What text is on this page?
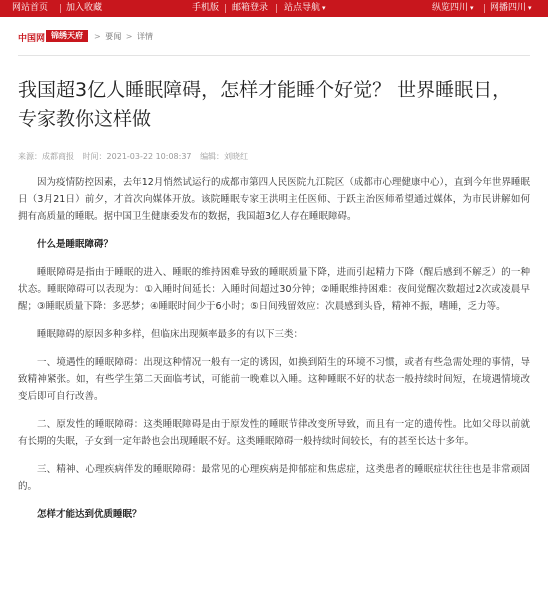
网站首页 加入收藏	手机版 邮箱登录 站点导航 ▾	纵览四川 ▾ 网播四川 ▾
中国网 锦绣天府	> 要闻 > 详情
我国超3亿人睡眠障碍，怎样才能睡个好觉？ 世界睡眠日，专家教你这样做
来源：成都商报 时间：2021-03-22 10:08:37 编辑：刘晓红

因为疫情防控因素，去年12月悄然试运行的成都市第四人民医院九江院区（成都市心理健康中心），直到今年世界睡眠日（3月21日）前夕，才首次向媒体开放。该院睡眠专家王洪明主任医师、于跃主治医师希望通过媒体，为市民讲解如何拥有高质量的睡眠。据中国卫生健康委发布的数据，我国超3亿人存在睡眠障碍。

什么是睡眠障碍？

睡眠障碍是指由于睡眠的进入、睡眠的维持困难导致的睡眠质量下降，进而引起精力下降（醒后感到不解乏）的一种状态。睡眠障碍可以表现为：①入睡时间延长：入睡时间超过30分钟；②睡眠维持困难：夜间觉醒次数超过2次或凌晨早醒；③睡眠质量下降：多恶梦；④睡眠时间少于6小时；⑤日间残留效应：次晨感到头昏，精神不振，嗜睡，乏力等。

睡眠障碍的原因多种多样，但临床出现频率最多的有以下三类：

一、境遇性的睡眠障碍：出现这种情况一般有一定的诱因，如换到陌生的环境不习惯，或者有些急需处理的事情，导致精神紧张。如，有些学生第二天面临考试，可能前一晚难以入睡。这种睡眠不好的状态一般持续时间短，在境遇情境改变后即可自行改善。

二、原发性的睡眠障碍：这类睡眠障碍是由于原发性的睡眠节律改变所导致，而且有一定的遗传性。比如父母以前就有长期的失眠，子女到一定年龄也会出现睡眠不好。这类睡眠障碍一般持续时间较长，有的甚至长达十多年。

三、精神、心理疾病伴发的睡眠障碍：最常见的心理疾病是抑郁症和焦虑症，这类患者的睡眠症状往往也是非常顽固的。

怎样才能达到优质睡眠？
